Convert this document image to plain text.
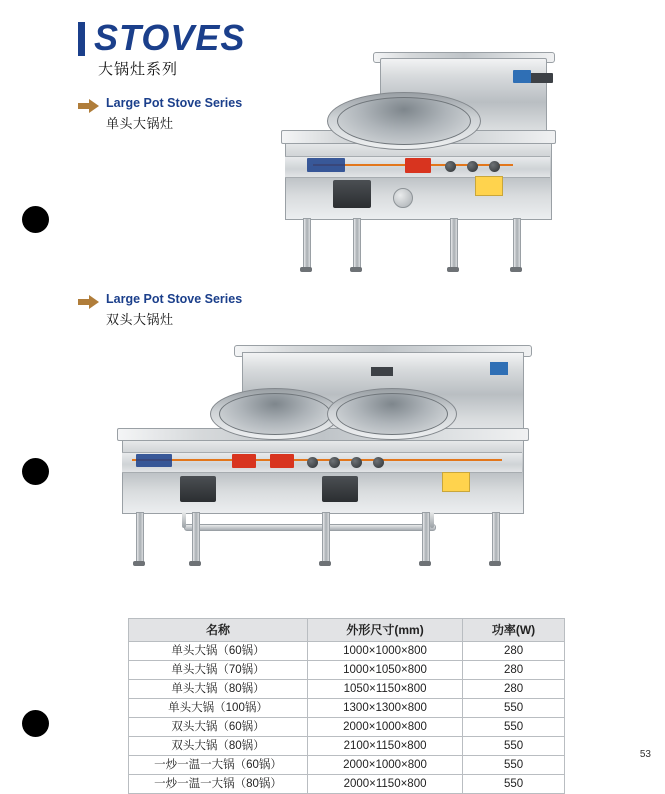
STOVES
大锅灶系列
Large Pot Stove Series
单头大锅灶
Large Pot Stove Series
双头大锅灶
名称	外形尺寸(mm)	功率(W)
单头大锅（60锅）	1000×1000×800	280
单头大锅（70锅）	1000×1050×800	280
单头大锅（80锅）	1050×1150×800	280
单头大锅（100锅）	1300×1300×800	550
双头大锅（60锅）	2000×1000×800	550
双头大锅（80锅）	2100×1150×800	550
一炒一温一大锅（60锅）	2000×1000×800	550
一炒一温一大锅（80锅）	2000×1150×800	550
53
